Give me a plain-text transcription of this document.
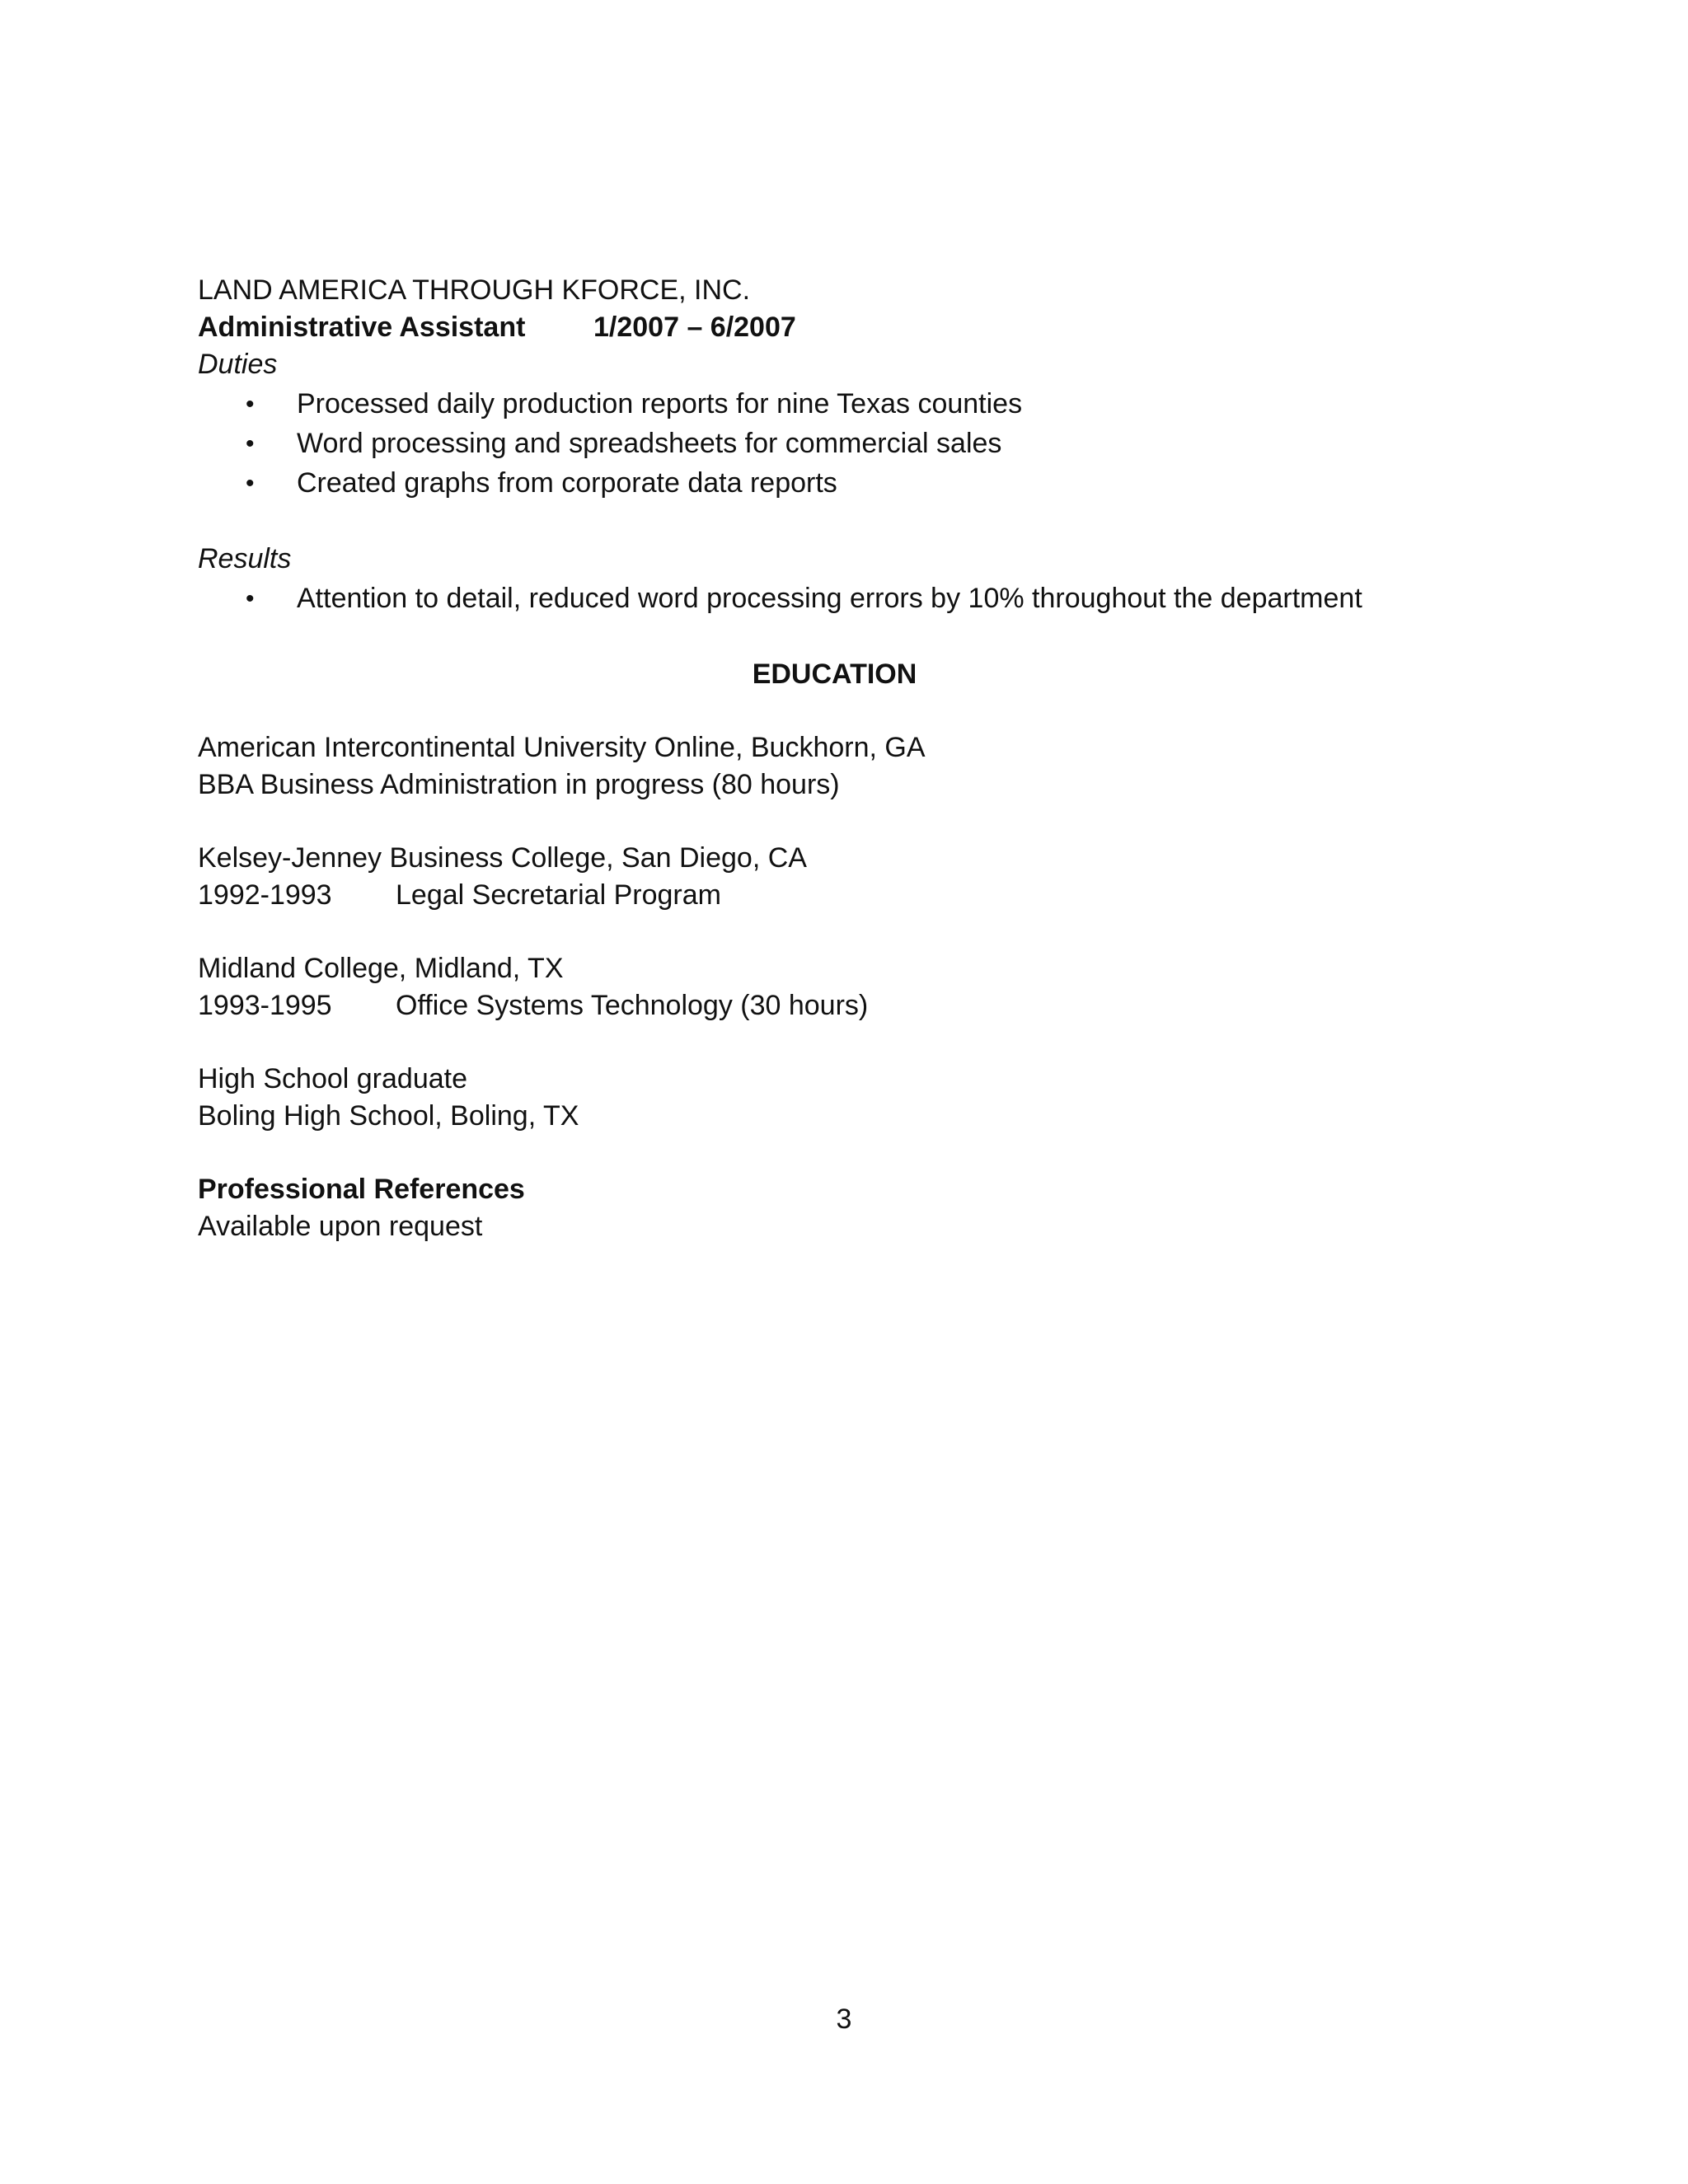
LAND AMERICA THROUGH KFORCE, INC.
Administrative Assistant	1/2007 – 6/2007
Duties
• Processed daily production reports for nine Texas counties
• Word processing and spreadsheets for commercial sales
• Created graphs from corporate data reports
Results
• Attention to detail, reduced word processing errors by 10% throughout the department
EDUCATION
American Intercontinental University Online, Buckhorn, GA
BBA Business Administration in progress (80 hours)
Kelsey-Jenney Business College, San Diego, CA
1992-1993	Legal Secretarial Program
Midland College, Midland, TX
1993-1995	Office Systems Technology (30 hours)
High School graduate
Boling High School, Boling, TX
Professional References
Available upon request
3
